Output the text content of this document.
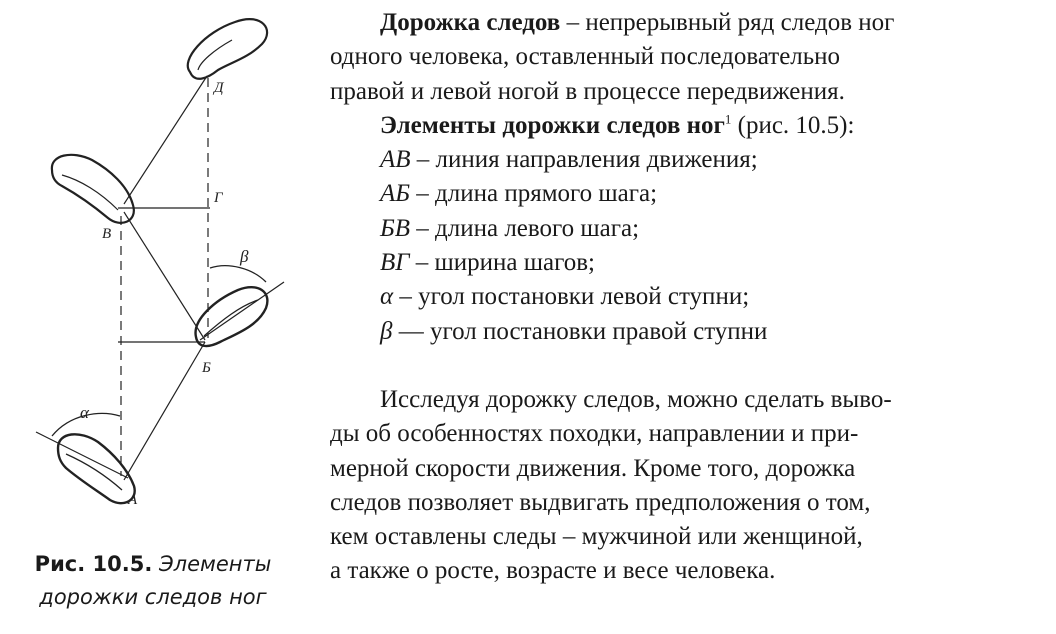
Д
Г
В
Б
А
α
β
Рис. 10.5. Элементы
дорожки следов ног

Дорожка следов – непрерывный ряд следов ног

одного человека, оставленный последовательно

правой и левой ногой в процессе передвижения.

Элементы дорожки следов ног$^1$ (рис. 10.5):

АВ – линия направления движения;
АБ – длина прямого шага;
БВ – длина левого шага;
ВГ – ширина шагов;
α – угол постановки левой ступни;
β — угол постановки правой ступни

Исследуя дорожку следов, можно сделать выво-

ды об особенностях походки, направлении и при-

мерной скорости движения. Кроме того, дорожка

следов позволяет выдвигать предположения о том,

кем оставлены следы – мужчиной или женщиной,

а также о росте, возрасте и весе человека.
